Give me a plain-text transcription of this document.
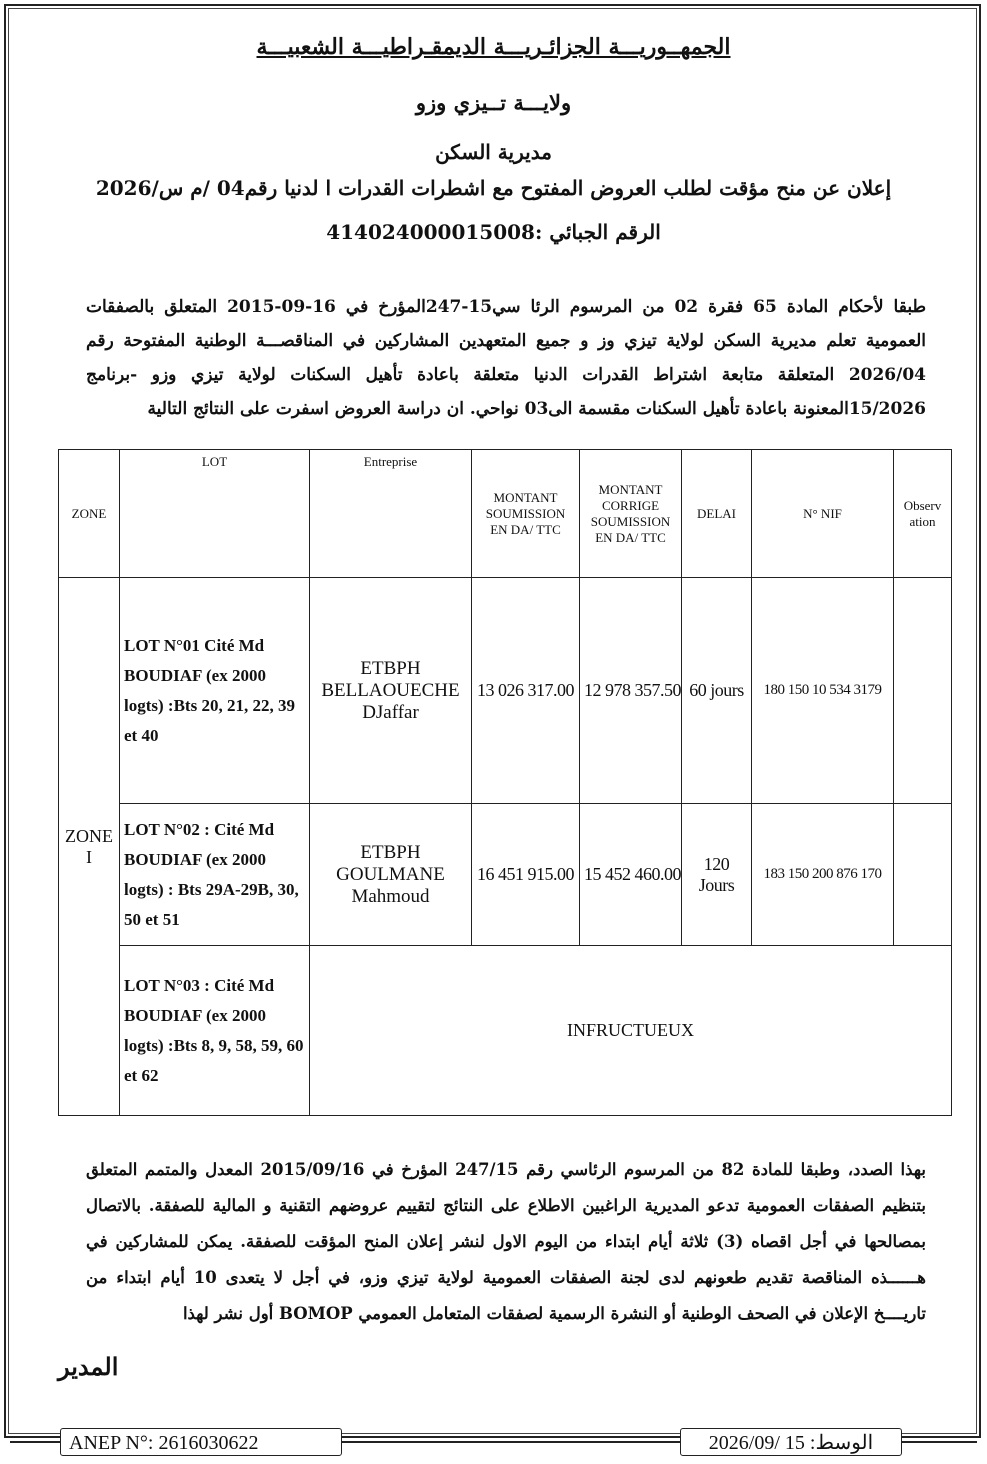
الجمهــوريـــة الجزائـريـــة الديمقـراطيـــة الشعبيـــة
ولايـــة تــيزي وزو
مديرية السكن
إعلان عن منح مؤقت لطلب العروض المفتوح مع اشطرات القدرات ا لدنيا رقم04 /م س/2026
الرقم الجبائي :414024000015008
طبقا لأحكام المادة 65 فقرة 02 من المرسوم الرئا سي15-247المؤرخ في 16-09-2015 المتعلق بالصفقات العمومية تعلم مديرية السكن لولاية تيزي وز و جميع المتعهدين المشاركين في المناقصـــة الوطنية المفتوحة رقم 2026/04 المتعلقة متابعة اشتراط القدرات الدنيا متعلقة باعادة تأهيل السكنات لولاية تيزي وزو -برنامج 15/2026المعنونة باعادة تأهيل السكنات مقسمة الى03 نواحي. ان دراسة العروض اسفرت على النتائج التالية
ZONE	LOT	Entreprise	MONTANT SOUMISSION EN DA/ TTC	MONTANT CORRIGE SOUMISSION EN DA/ TTC	DELAI	N° NIF	Observ ation
ZONE I	LOT N°01 Cité Md BOUDIAF (ex 2000 logts) :Bts 20, 21, 22, 39 et 40	ETBPH BELLAOUECHE DJaffar	13 026 317.00	12 978 357.50	60 jours	180 150 10 534 3179	
	LOT N°02 : Cité Md BOUDIAF (ex 2000 logts) : Bts 29A-29B, 30, 50 et 51	ETBPH GOULMANE Mahmoud	16 451 915.00	15 452 460.00	120 Jours	183 150 200 876 170	
	LOT N°03 : Cité Md BOUDIAF (ex 2000 logts) :Bts 8, 9, 58, 59, 60 et 62	INFRUCTUEUX					
بهذا الصدد، وطبقا للمادة 82 من المرسوم الرئاسي رقم 247/15 المؤرخ في 2015/09/16 المعدل والمتمم المتعلق بتنظيم الصفقات العمومية تدعو المديرية الراغبين الاطلاع على النتائج لتقييم عروضهم التقنية و المالية للصفقة. بالاتصال بمصالحها في أجل اقصاه (3) ثلاثة أيام ابتداء من اليوم الاول لنشر إعلان المنح المؤقت للصفقة. يمكن للمشاركين في هــــــذه المناقصة تقديم طعونهم لدى لجنة الصفقات العمومية لولاية تيزي وزو، في أجل لا يتعدى 10 أيام ابتداء من تاريــــخ الإعلان في الصحف الوطنية أو النشرة الرسمية لصفقات المتعامل العمومي BOMOP أول نشر لهذا
المدير
ANEP N°: 2616030622	الوسط: 15 /2026/09
